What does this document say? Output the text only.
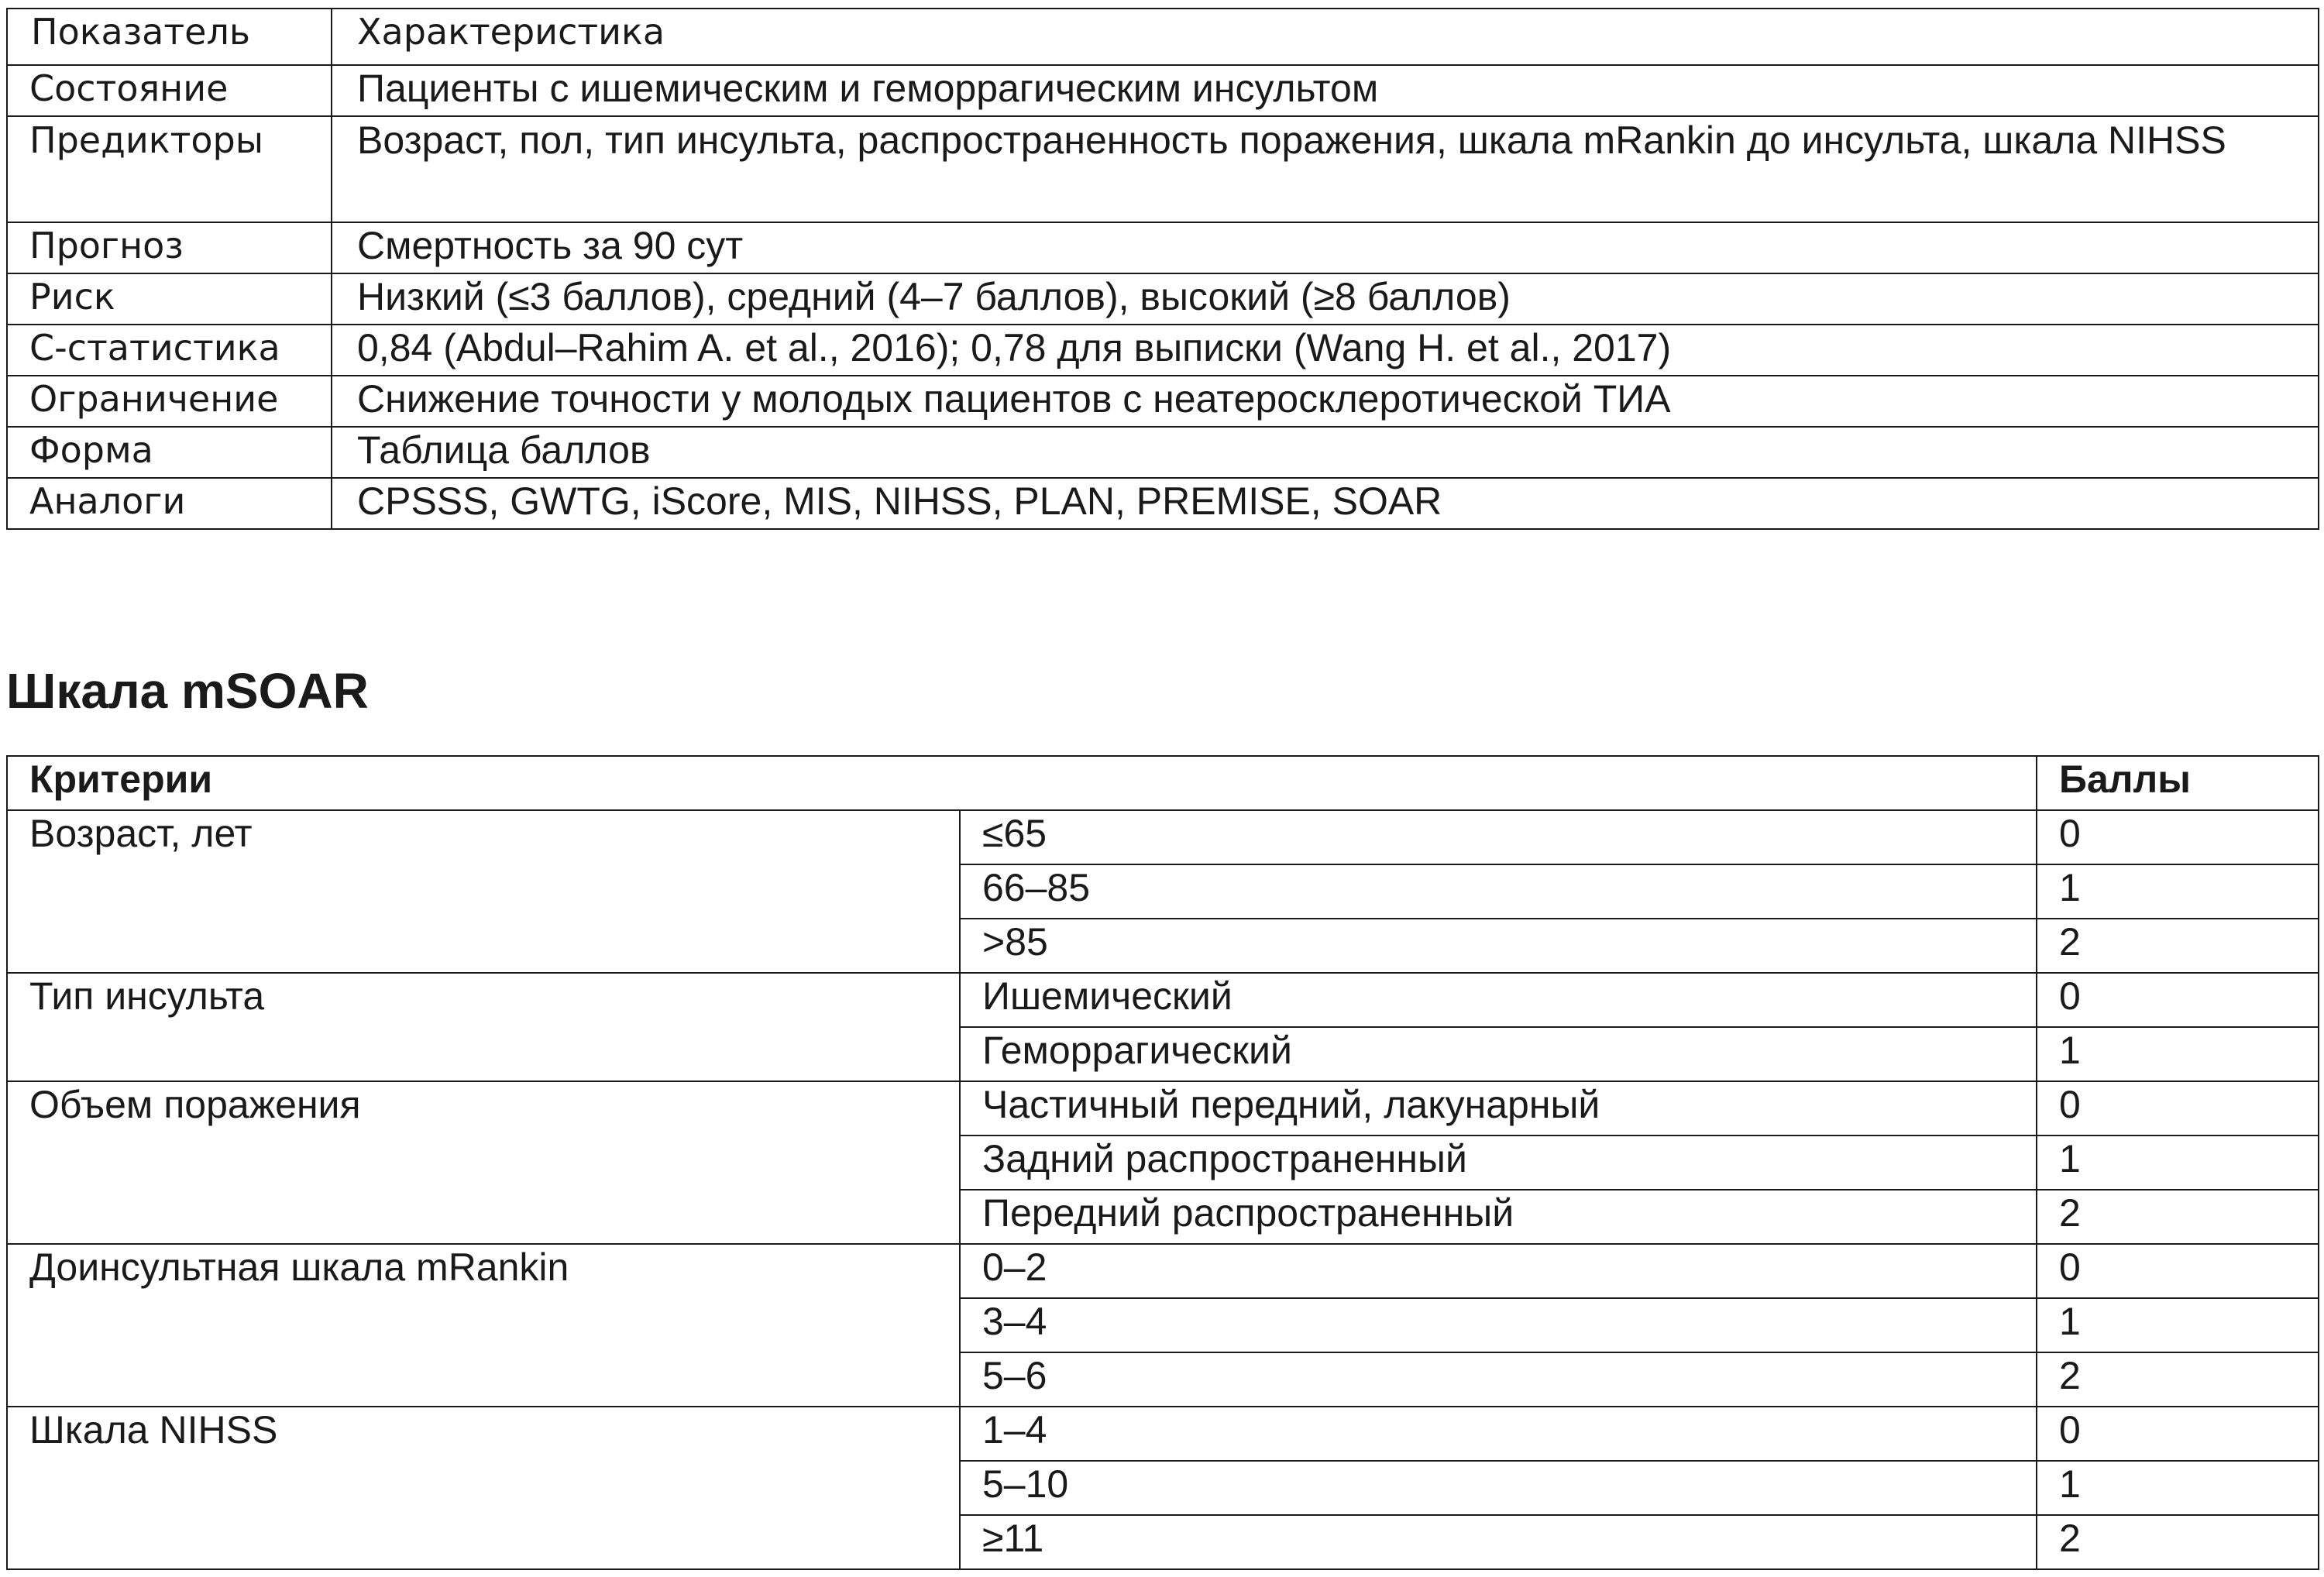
Показатель	Характеристика
Состояние	Пациенты с ишемическим и геморрагическим инсультом
Предикторы	Возраст, пол, тип инсульта, распространенность поражения, шкала mRankin до инсульта, шкала NIHSS
Прогноз	Смертность за 90 сут
Риск	Низкий (≤3 баллов), средний (4–7 баллов), высокий (≥8 баллов)
С-статистика	0,84 (Abdul–Rahim A. et al., 2016); 0,78 для выписки (Wang H. et al., 2017)
Ограничение	Снижение точности у молодых пациентов с неатеросклеротической ТИА
Форма	Таблица баллов
Аналоги	CPSSS, GWTG, iScore, MIS, NIHSS, PLAN, PREMISE, SOAR
Шкала mSOAR
Критерии		Баллы
Возраст, лет	≤65	0
	66–85	1
	>85	2
Тип инсульта	Ишемический	0
	Геморрагический	1
Объем поражения	Частичный передний, лакунарный	0
	Задний распространенный	1
	Передний распространенный	2
Доинсультная шкала mRankin	0–2	0
	3–4	1
	5–6	2
Шкала NIHSS	1–4	0
	5–10	1
	≥11	2
